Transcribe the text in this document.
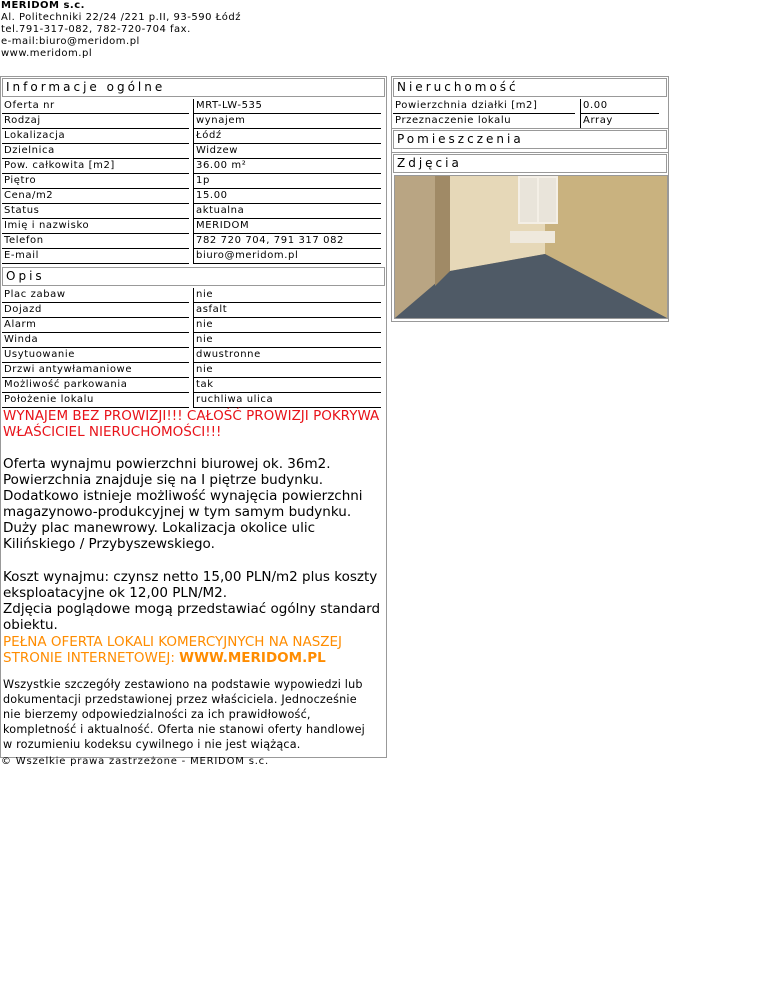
MERIDOM s.c.
Al. Politechniki 22/24 /221 p.II, 93-590 Łódź
tel.791-317-082, 782-720-704 fax.
e-mail:biuro@meridom.pl
www.meridom.pl
Informacje ogólne
Oferta nr	MRT-LW-535
Rodzaj	wynajem
Lokalizacja	Łódź
Dzielnica	Widzew
Pow. całkowita [m2]	36.00 m²
Piętro	1p
Cena/m2	15.00
Status	aktualna
Imię i nazwisko	MERIDOM
Telefon	782 720 704, 791 317 082
E-mail	biuro@meridom.pl
Opis
Plac zabaw	nie
Dojazd	asfalt
Alarm	nie
Winda	nie
Usytuowanie	dwustronne
Drzwi antywłamaniowe	nie
Możliwość parkowania	tak
Położenie lokalu	ruchliwa ulica
WYNAJEM BEZ PROWIZJI!!! CAŁOŚĆ PROWIZJI POKRYWA WŁAŚCICIEL NIERUCHOMOŚCI!!!
Oferta wynajmu powierzchni biurowej ok. 36m2. Powierzchnia znajduje się na I piętrze budynku. Dodatkowo istnieje możliwość wynajęcia powierzchni magazynowo-produkcyjnej w tym samym budynku. Duży plac manewrowy. Lokalizacja okolice ulic Kilińskiego / Przybyszewskiego.
Koszt wynajmu: czynsz netto 15,00 PLN/m2 plus koszty eksploatacyjne ok 12,00 PLN/M2.
Zdjęcia poglądowe mogą przedstawiać ogólny standard obiektu.
PEŁNA OFERTA LOKALI KOMERCYJNYCH NA NASZEJ STRONIE INTERNETOWEJ: WWW.MERIDOM.PL
Wszystkie szczegóły zestawiono na podstawie wypowiedzi lub dokumentacji przedstawionej przez właściciela. Jednocześnie nie bierzemy odpowiedzialności za ich prawidłowość, kompletność i aktualność. Oferta nie stanowi oferty handlowej w rozumieniu kodeksu cywilnego i nie jest wiążąca.
Nieruchomość
Powierzchnia działki [m2]	0.00
Przeznaczenie lokalu	Array
Pomieszczenia
Zdjęcia
© Wszelkie prawa zastrzeżone - MERIDOM s.c.
